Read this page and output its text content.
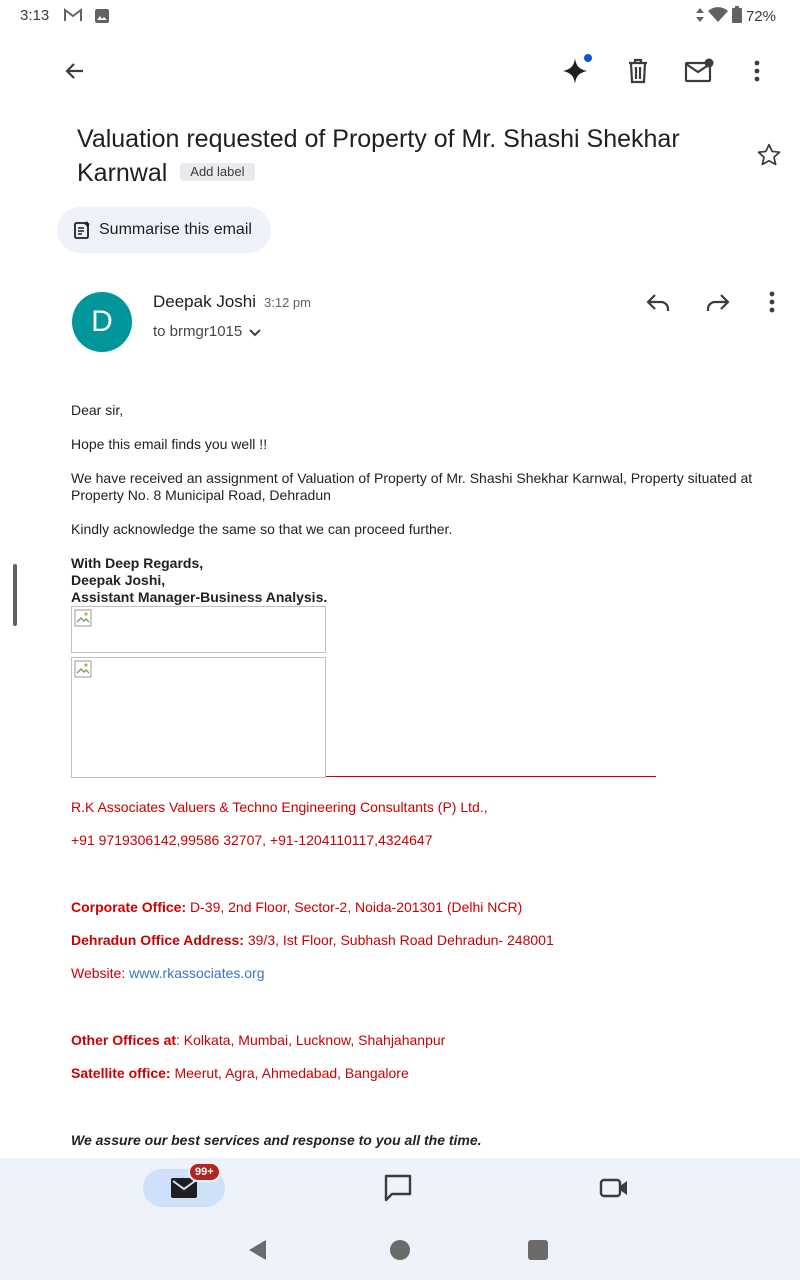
3:13	72%
Valuation requested of Property of Mr. Shashi Shekhar Karnwal Add label
Summarise this email
D
Deepak Joshi 3:12 pm
to brmgr1015
Dear sir,
Hope this email finds you well !!
We have received an assignment of Valuation of Property of Mr. Shashi Shekhar Karnwal, Property situated at Property No. 8 Municipal Road, Dehradun
Kindly acknowledge the same so that we can proceed further.
With Deep Regards,
Deepak Joshi,
Assistant Manager-Business Analysis.
R.K Associates Valuers & Techno Engineering Consultants (P) Ltd.,
+91 9719306142,99586 32707, +91-1204110117,4324647
Corporate Office: D-39, 2nd Floor, Sector-2, Noida-201301 (Delhi NCR)
Dehradun Office Address: 39/3, Ist Floor, Subhash Road Dehradun- 248001
Website: www.rkassociates.org
Other Offices at: Kolkata, Mumbai, Lucknow, Shahjahanpur
Satellite office: Meerut, Agra, Ahmedabad, Bangalore
We assure our best services and response to you all the time.
99+
